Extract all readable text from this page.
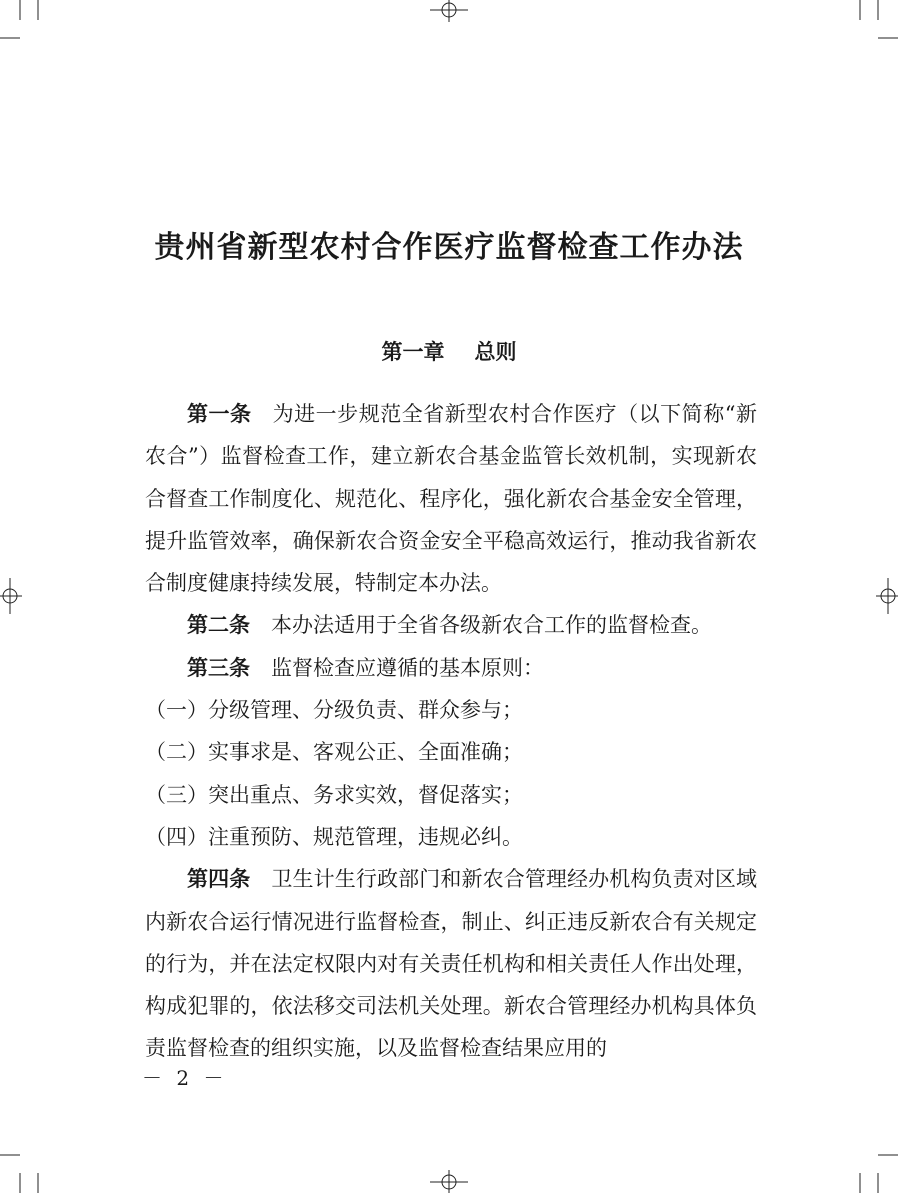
贵州省新型农村合作医疗监督检查工作办法
第一章 总则

第一条 为进一步规范全省新型农村合作医疗（以下简称“新农合”）监督检查工作，建立新农合基金监管长效机制，实现新农合督查工作制度化、规范化、程序化，强化新农合基金安全管理，提升监管效率，确保新农合资金安全平稳高效运行，推动我省新农合制度健康持续发展，特制定本办法。

第二条 本办法适用于全省各级新农合工作的监督检查。

第三条 监督检查应遵循的基本原则：

（一）分级管理、分级负责、群众参与；

（二）实事求是、客观公正、全面准确；

（三）突出重点、务求实效，督促落实；

（四）注重预防、规范管理，违规必纠。

第四条 卫生计生行政部门和新农合管理经办机构负责对区域内新农合运行情况进行监督检查，制止、纠正违反新农合有关规定的行为，并在法定权限内对有关责任机构和相关责任人作出处理，构成犯罪的，依法移交司法机关处理。新农合管理经办机构具体负责监督检查的组织实施，以及监督检查结果应用的

－ 2 －
